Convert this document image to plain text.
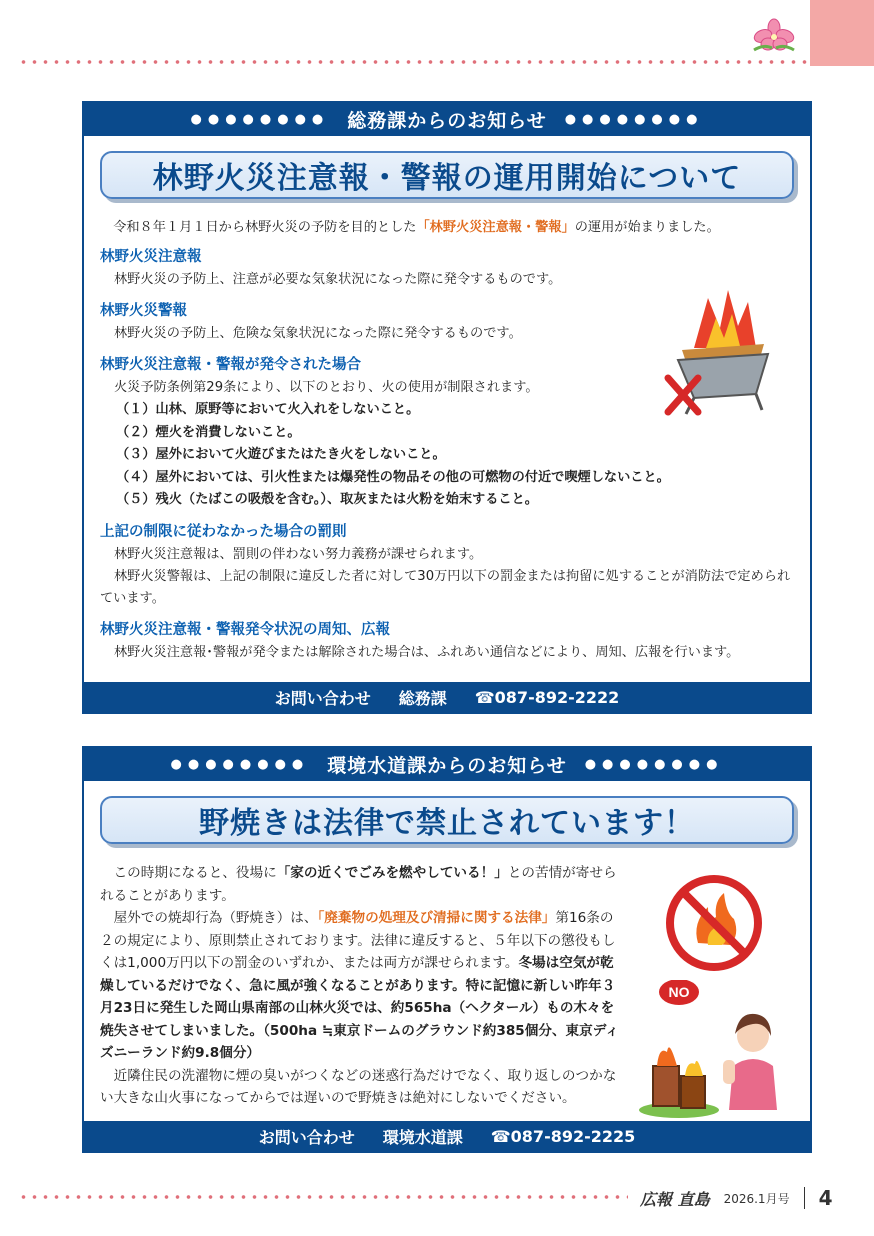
●●●●●●●● 総務課からのお知らせ ●●●●●●●●
林野火災注意報・警報の運用開始について

令和８年１月１日から林野火災の予防を目的とした「林野火災注意報・警報」の運用が始まりました。

林野火災注意報
林野火災の予防上、注意が必要な気象状況になった際に発令するものです。
林野火災警報
林野火災の予防上、危険な気象状況になった際に発令するものです。
林野火災注意報・警報が発令された場合
火災予防条例第29条により、以下のとおり、火の使用が制限されます。
（１）山林、原野等において火入れをしないこと。
（２）煙火を消費しないこと。
（３）屋外において火遊びまたはたき火をしないこと。
（４）屋外においては、引火性または爆発性の物品その他の可燃物の付近で喫煙しないこと。
（５）残火（たばこの吸殻を含む。）、取灰または火粉を始末すること。
上記の制限に従わなかった場合の罰則
林野火災注意報は、罰則の伴わない努力義務が課せられます。
林野火災警報は、上記の制限に違反した者に対して30万円以下の罰金または拘留に処することが消防法で定められています。
林野火災注意報・警報発令状況の周知、広報
林野火災注意報･警報が発令または解除された場合は、ふれあい通信などにより、周知、広報を行います。
お問い合わせ 総務課 ☎087-892-2222
●●●●●●●● 環境水道課からのお知らせ ●●●●●●●●
野焼きは法律で禁止されています！

この時期になると、役場に「家の近くでごみを燃やしている！」との苦情が寄せられることがあります。

屋外での焼却行為（野焼き）は、「廃棄物の処理及び清掃に関する法律」第16条の２の規定により、原則禁止されております。法律に違反すると、５年以下の懲役もしくは1,000万円以下の罰金のいずれか、または両方が課せられます。冬場は空気が乾燥しているだけでなく、急に風が強くなることがあります。特に記憶に新しい昨年３月23日に発生した岡山県南部の山林火災では、約565ha（ヘクタール）もの木々を焼失させてしまいました。（500ha ≒東京ドームのグラウンド約385個分、東京ディズニーランド約9.8個分）

近隣住民の洗濯物に煙の臭いがつくなどの迷惑行為だけでなく、取り返しのつかない大きな山火事になってからでは遅いので野焼きは絶対にしないでください。

NO
お問い合わせ 環境水道課 ☎087-892-2225
広報 直島 2026.1月号 4
